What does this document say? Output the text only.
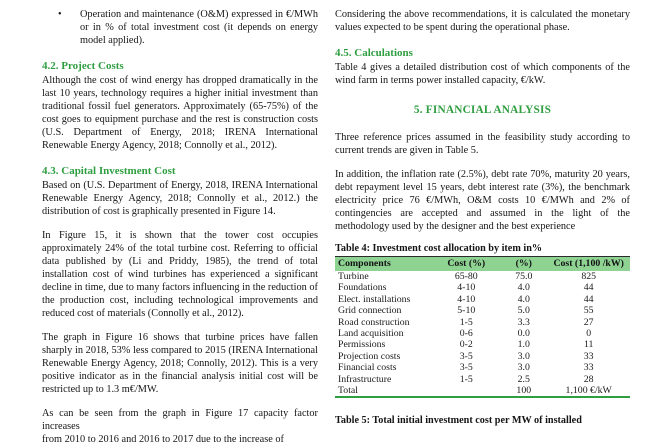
•	Operation and maintenance (O&M) expressed in €/MWh or in % of total investment cost (it depends on energy model applied).
4.2. Project Costs
Although the cost of wind energy has dropped dramatically in the last 10 years, technology requires a higher initial investment than traditional fossil fuel generators. Approximately (65-75%) of the cost goes to equipment purchase and the rest is construction costs (U.S. Department of Energy, 2018; IRENA International Renewable Energy Agency, 2018; Connolly et al., 2012).
4.3. Capital Investment Cost
Based on (U.S. Department of Energy, 2018, IRENA International Renewable Energy Agency, 2018; Connolly et al., 2012.) the distribution of cost is graphically presented in Figure 14.
In Figure 15, it is shown that the tower cost occupies approximately 24% of the total turbine cost. Referring to official data published by (Li and Priddy, 1985), the trend of total installation cost of wind turbines has experienced a significant decline in time, due to many factors influencing in the reduction of the production cost, including technological improvements and reduced cost of materials (Connolly et al., 2012).
The graph in Figure 16 shows that turbine prices have fallen sharply in 2018, 53% less compared to 2015 (IRENA International Renewable Energy Agency, 2018; Connolly, 2012). This is a very positive indicator as in the financial analysis initial cost will be restricted up to 1.3 m€/MW.
As can be seen from the graph in Figure 17 capacity factor increases
from 2010 to 2016 and 2016 to 2017 due to the increase of
Considering the above recommendations, it is calculated the monetary values expected to be spent during the operational phase.
4.5. Calculations
Table 4 gives a detailed distribution cost of which components of the wind farm in terms power installed capacity, €/kW.
5. FINANCIAL ANALYSIS
Three reference prices assumed in the feasibility study according to current trends are given in Table 5.
In addition, the inflation rate (2.5%), debt rate 70%, maturity 20 years, debt repayment level 15 years, debt interest rate (3%), the benchmark electricity price 76 €/MWh, O&M costs 10 €/MWh and 2% of contingencies are accepted and assumed in the light of the methodology used by the designer and the best experience
Table 4: Investment cost allocation by item in%
Components	Cost (%)	(%)	Cost (1,100 /kW)
Turbine	65-80	75.0	825
Foundations	4-10	4.0	44
Elect. installations	4-10	4.0	44
Grid connection	5-10	5.0	55
Road construction	1-5	3.3	27
Land acquisition	0-6	0.0	0
Permissions	0-2	1.0	11
Projection costs	3-5	3.0	33
Financial costs	3-5	3.0	33
Infrastructure	1-5	2.5	28
Total		100	1,100 €/kW
Table 5: Total initial investment cost per MW of installed
